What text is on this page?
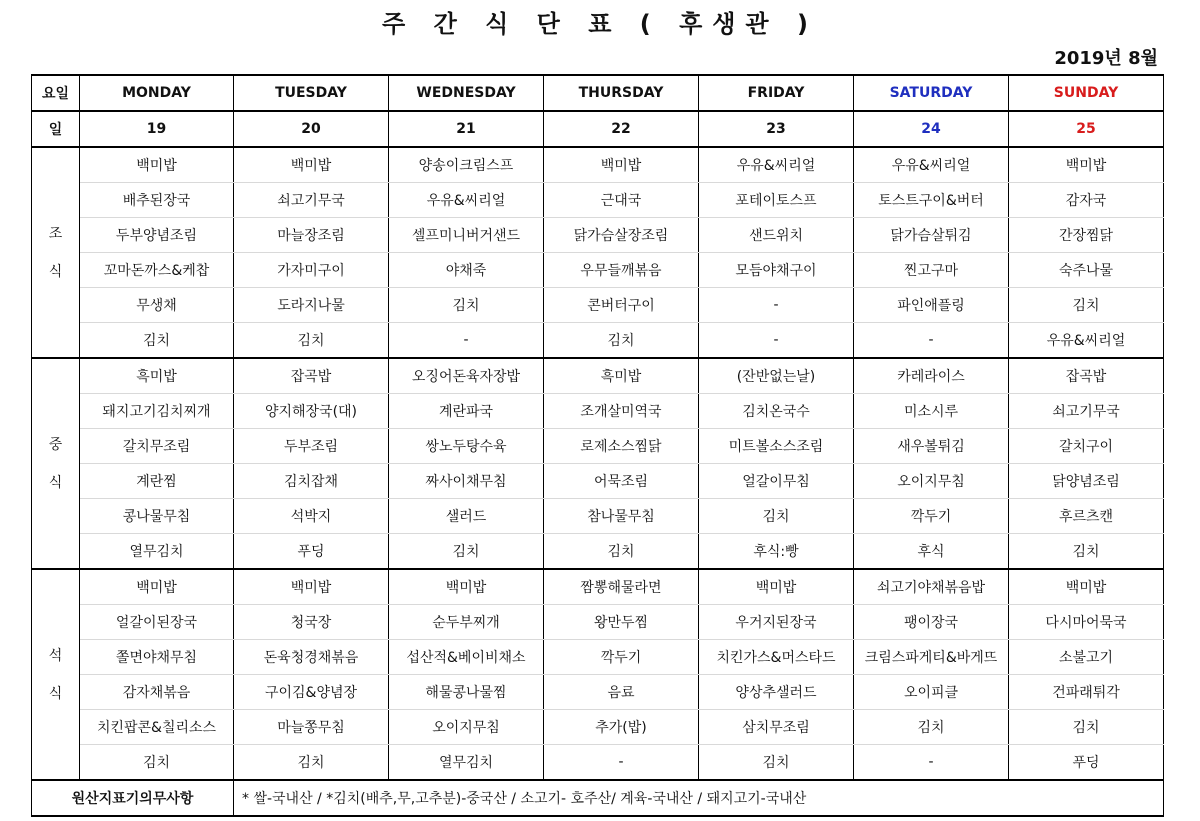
주 간 식 단 표 ( 후생관 )
2019년 8월
요일	MONDAY	TUESDAY	WEDNESDAY	THURSDAY	FRIDAY	SATURDAY	SUNDAY
일	19	20	21	22	23	24	25

조
식	백미밥	백미밥	양송이크림스프	백미밥	우유&씨리얼	우유&씨리얼	백미밥
	배추된장국	쇠고기무국	우유&씨리얼	근대국	포테이토스프	토스트구이&버터	감자국
	두부양념조림	마늘장조림	셀프미니버거샌드	닭가슴살장조림	샌드위치	닭가슴살튀김	간장찜닭
	꼬마돈까스&케찹	가자미구이	야채죽	우무들깨볶음	모듬야채구이	찐고구마	숙주나물
	무생채	도라지나물	김치	콘버터구이	-	파인애플링	김치
	김치	김치	-	김치	-	-	우유&씨리얼

중
식	흑미밥	잡곡밥	오징어돈육자장밥	흑미밥	(잔반없는날)	카레라이스	잡곡밥
	돼지고기김치찌개	양지해장국(대)	계란파국	조개살미역국	김치온국수	미소시루	쇠고기무국
	갈치무조림	두부조림	쌍노두탕수육	로제소스찜닭	미트볼소스조림	새우볼튀김	갈치구이
	계란찜	김치잡채	짜사이채무침	어묵조림	얼갈이무침	오이지무침	닭양념조림
	콩나물무침	석박지	샐러드	참나물무침	김치	깍두기	후르츠캔
	열무김치	푸딩	김치	김치	후식:빵	후식	김치

석
식	백미밥	백미밥	백미밥	짬뽕해물라면	백미밥	쇠고기야채볶음밥	백미밥
	얼갈이된장국	청국장	순두부찌개	왕만두찜	우거지된장국	팽이장국	다시마어묵국
	쫄면야채무침	돈육청경채볶음	섭산적&베이비채소	깍두기	치킨가스&머스타드	크림스파게티&바게뜨	소불고기
	감자채볶음	구이김&양념장	해물콩나물찜	음료	양상추샐러드	오이피클	건파래튀각
	치킨팝콘&칠리소스	마늘쫑무침	오이지무침	추가(밥)	삼치무조림	김치	김치
	김치	김치	열무김치	-	김치	-	푸딩
원산지표기의무사항		* 쌀-국내산 / *김치(배추,무,고추분)-중국산 / 소고기- 호주산/ 계육-국내산 / 돼지고기-국내산					
